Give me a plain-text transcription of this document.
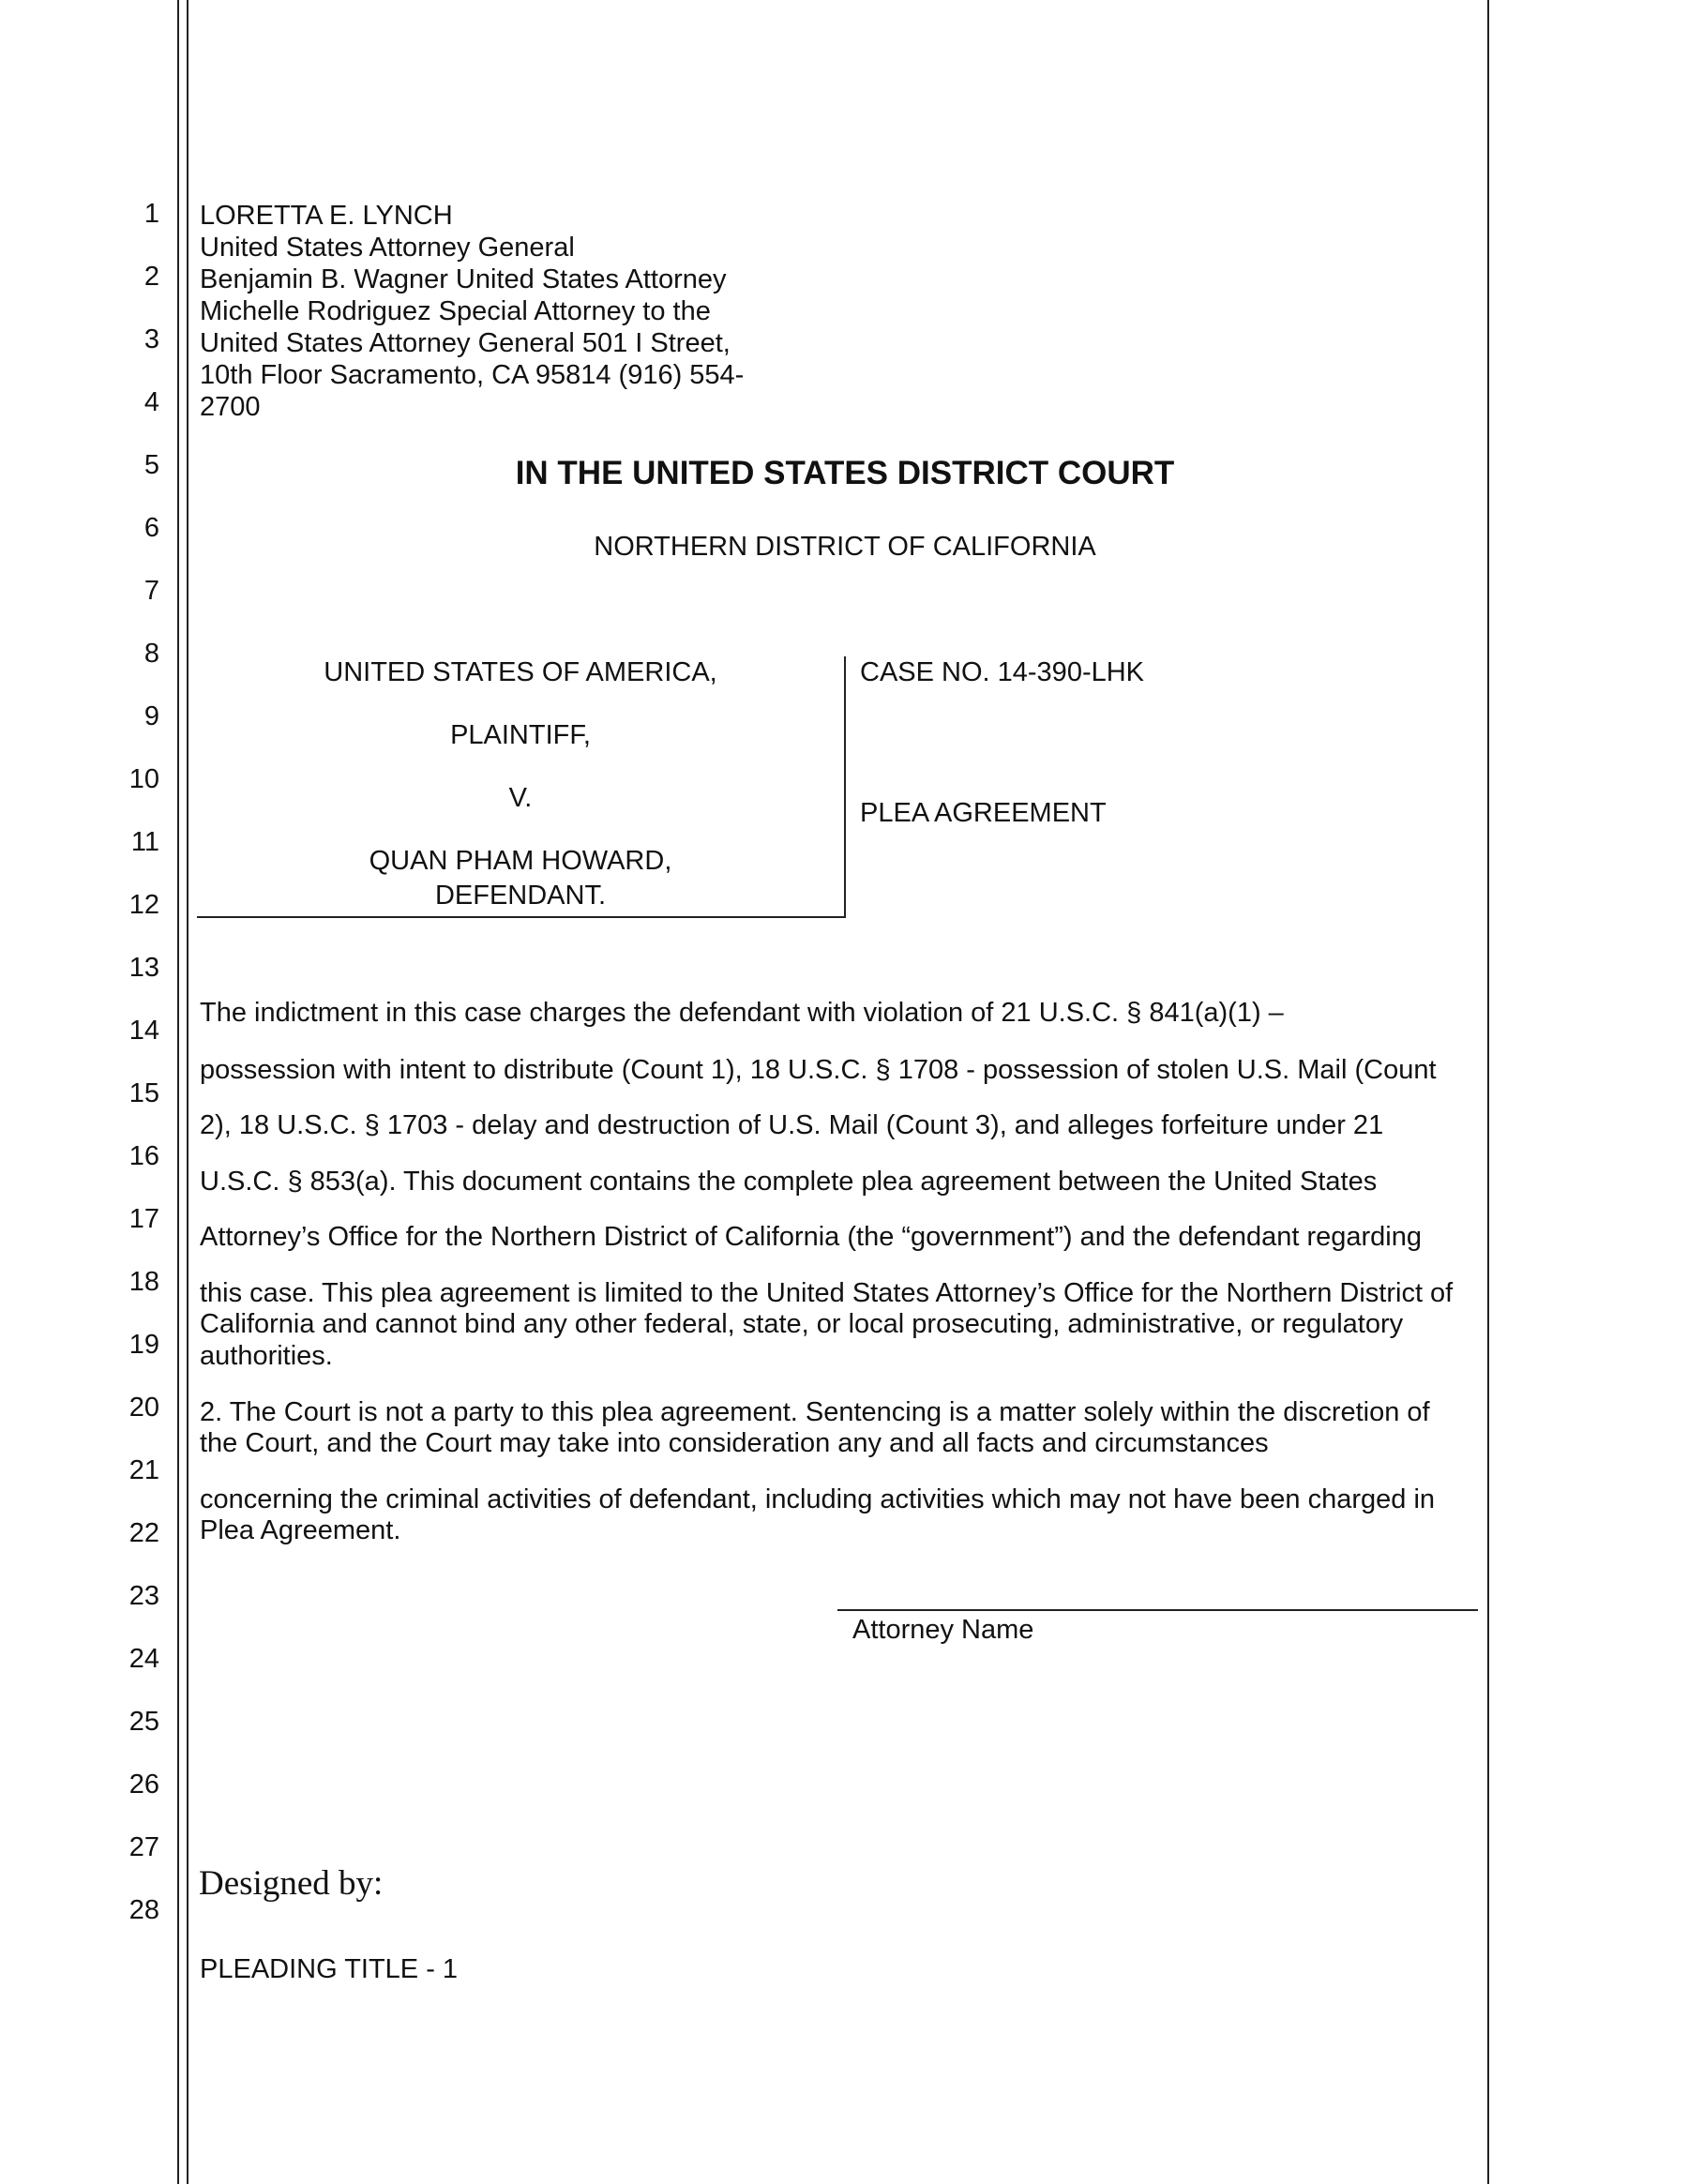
1
2
3
4
5
6
7
8
9
10
11
12
13
14
15
16
17
18
19
20
21
22
23
24
25
26
27
28
LORETTA E. LYNCH
United States Attorney General
Benjamin B. Wagner United States Attorney
Michelle Rodriguez Special Attorney to the
United States Attorney General 501 I Street,
10th Floor Sacramento, CA 95814 (916) 554-
2700
IN THE UNITED STATES DISTRICT COURT
NORTHERN DISTRICT OF CALIFORNIA
UNITED STATES OF AMERICA,
PLAINTIFF,
V.
QUAN PHAM HOWARD,
DEFENDANT.
CASE NO. 14-390-LHK
PLEA AGREEMENT
The indictment in this case charges the defendant with violation of 21 U.S.C. § 841(a)(1) –
possession with intent to distribute (Count 1), 18 U.S.C. § 1708 - possession of stolen U.S. Mail (Count
2), 18 U.S.C. § 1703 - delay and destruction of U.S. Mail (Count 3), and alleges forfeiture under 21
U.S.C. § 853(a). This document contains the complete plea agreement between the United States
Attorney’s Office for the Northern District of California (the “government”) and the defendant regarding
this case. This plea agreement is limited to the United States Attorney’s Office for the Northern District of
California and cannot bind any other federal, state, or local prosecuting, administrative, or regulatory
authorities.
2. The Court is not a party to this plea agreement. Sentencing is a matter solely within the discretion of
the Court, and the Court may take into consideration any and all facts and circumstances
concerning the criminal activities of defendant, including activities which may not have been charged in
Plea Agreement.
Attorney Name
Designed by:
PLEADING TITLE - 1
